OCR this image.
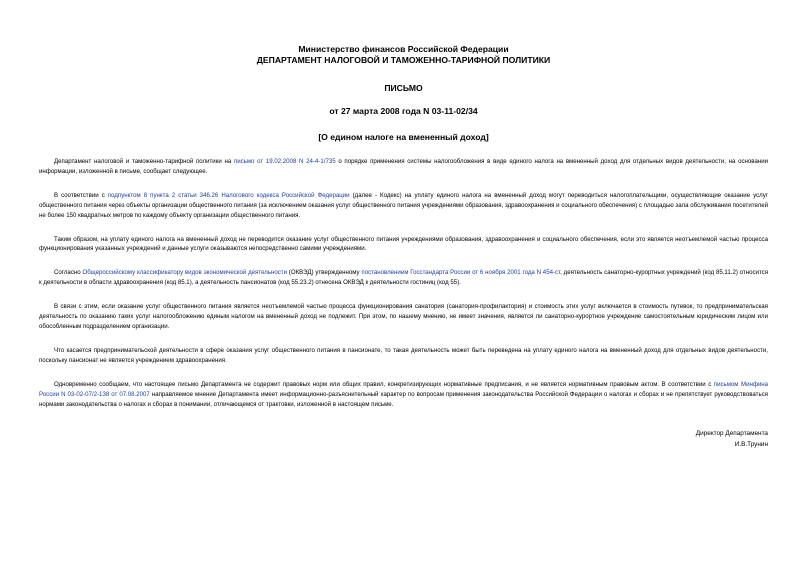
Министерство финансов Российской Федерации
ДЕПАРТАМЕНТ НАЛОГОВОЙ И ТАМОЖЕННО-ТАРИФНОЙ ПОЛИТИКИ
ПИСЬМО
от 27 марта 2008 года N 03-11-02/34
[О едином налоге на вмененный доход]

Департамент налоговой и таможенно-тарифной политики на письмо от 19.02.2008 N 24-4-1/735 о порядке применения системы налогообложения в виде единого налога на вмененный доход для отдельных видов деятельности, на основании информации, изложенной в письме, сообщает следующее.

В соответствии с подпунктом 8 пункта 2 статьи 346.26 Налогового кодекса Российской Федерации (далее - Кодекс) на уплату единого налога на вмененный доход могут переводиться налогоплательщики, осуществляющие оказание услуг общественного питания через объекты организации общественного питания (за исключением оказания услуг общественного питания учреждениями образования, здравоохранения и социального обеспечения) с площадью зала обслуживания посетителей не более 150 квадратных метров по каждому объекту организации общественного питания.

Таким образом, на уплату единого налога на вмененный доход не переводится оказание услуг общественного питания учреждениями образования, здравоохранения и социального обеспечения, если это является неотъемлемой частью процесса функционирования указанных учреждений и данные услуги оказываются непосредственно самими учреждениями.

Согласно Общероссийскому классификатору видов экономической деятельности (ОКВЭД) утвержденному постановлением Госстандарта России от 6 ноября 2001 года N 454-ст, деятельность санаторно-курортных учреждений (код 85.11.2) относится к деятельности в области здравоохранения (код 85.1), а деятельность пансионатов (код 55.23.2) отнесена ОКВЭД к деятельности гостиниц (код 55).

В связи с этим, если оказание услуг общественного питания является неотъемлемой частью процесса функционирования санатория (санатория-профилактория) и стоимость этих услуг включается в стоимость путевок, то предпринимательская деятельность по оказанию таких услуг налогообложению единым налогом на вмененный доход не подлежит. При этом, по нашему мнению, не имеет значения, является ли санаторно-курортное учреждение самостоятельным юридическим лицом или обособленным подразделением организации.

Что касается предпринимательской деятельности в сфере оказания услуг общественного питания в пансионате, то такая деятельность может быть переведена на уплату единого налога на вмененный доход для отдельных видов деятельности, поскольку пансионат не является учреждением здравоохранения.

Одновременно сообщаем, что настоящее письмо Департамента не содержит правовых норм или общих правил, конкретизирующих нормативные предписания, и не является нормативным правовым актом. В соответствии с письмом Минфина России N 03-02-07/2-138 от 07.08.2007 направляемое мнение Департамента имеет информационно-разъяснительный характер по вопросам применения законодательства Российской Федерации о налогах и сборах и не препятствует руководствоваться нормами законодательства о налогах и сборах в понимании, отличающемся от трактовки, изложенной в настоящем письме.

Директор Департамента
И.В.Трунин
